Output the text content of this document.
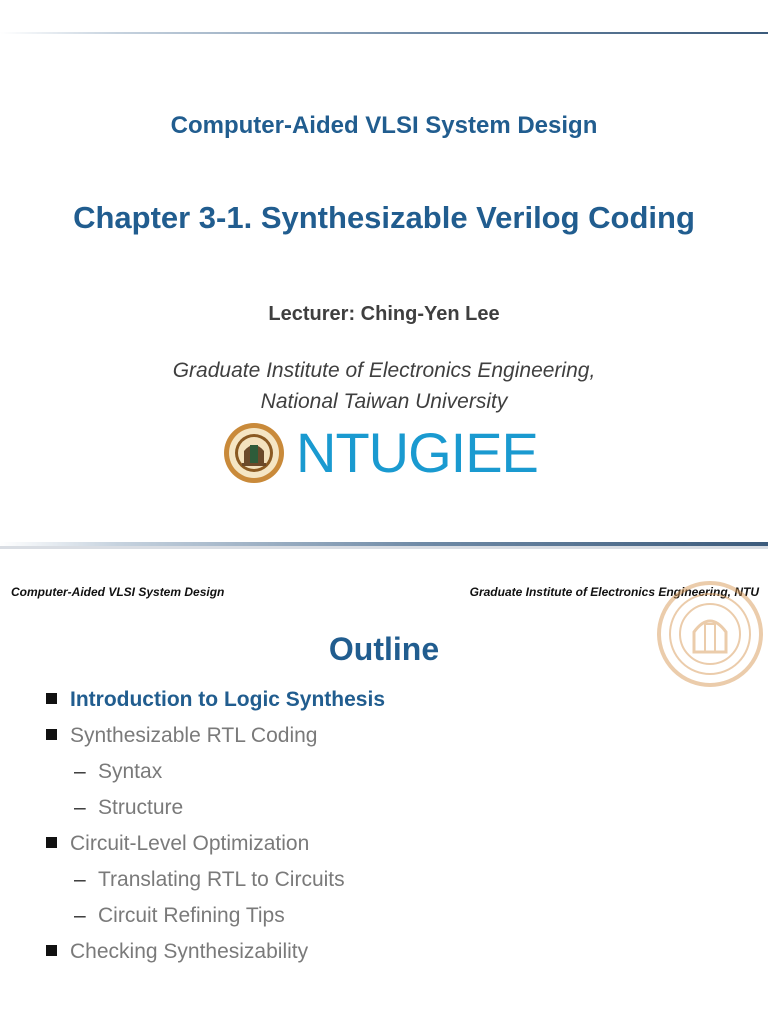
Computer-Aided VLSI System Design
Chapter 3-1. Synthesizable Verilog Coding
Lecturer: Ching-Yen Lee
Graduate Institute of Electronics Engineering,
National Taiwan University
NTUGIEE
Computer-Aided VLSI System Design	Graduate Institute of Electronics Engineering, NTU
Outline
Introduction to Logic Synthesis
Synthesizable RTL Coding
– Syntax
– Structure
Circuit-Level Optimization
– Translating RTL to Circuits
– Circuit Refining Tips
Checking Synthesizability
